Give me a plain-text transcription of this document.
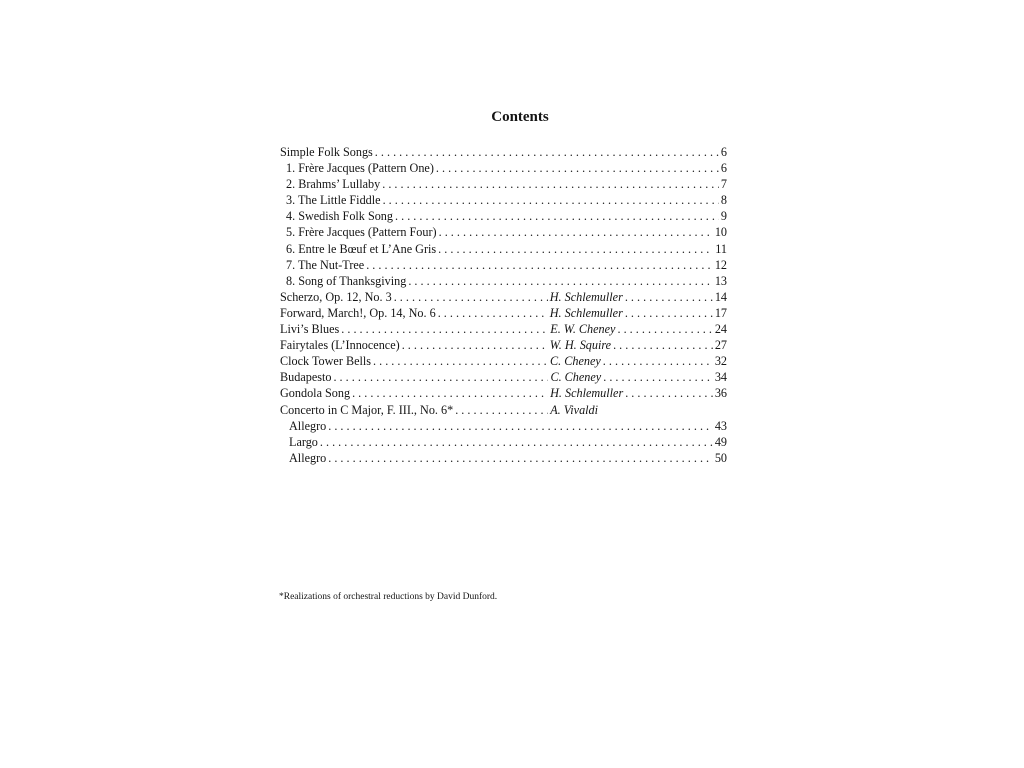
Contents
Simple Folk Songs . . .	6
1. Frère Jacques (Pattern One) . . .	6
2. Brahms’ Lullaby . . .	7
3. The Little Fiddle . . .	8
4. Swedish Folk Song . . .	9
5. Frère Jacques (Pattern Four) . . .	10
6. Entre le Bœuf et L’Ane Gris . . .	11
7. The Nut-Tree . . .	12
8. Song of Thanksgiving . . .	13
Scherzo, Op. 12, No. 3 . . .	H. Schlemuller . . .	14
Forward, March!, Op. 14, No. 6 . . .	H. Schlemuller . . .	17
Livi’s Blues . . .	E. W. Cheney . . .	24
Fairytales (L’Innocence) . . .	W. H. Squire . . .	27
Clock Tower Bells . . .	C. Cheney . . .	32
Budapesto . . .	C. Cheney . . .	34
Gondola Song . . .	H. Schlemuller . . .	36
Concerto in C Major, F. III., No. 6* . . .	A. Vivaldi
Allegro . . .	43
Largo . . .	49
Allegro . . .	50
*Realizations of orchestral reductions by David Dunford.
